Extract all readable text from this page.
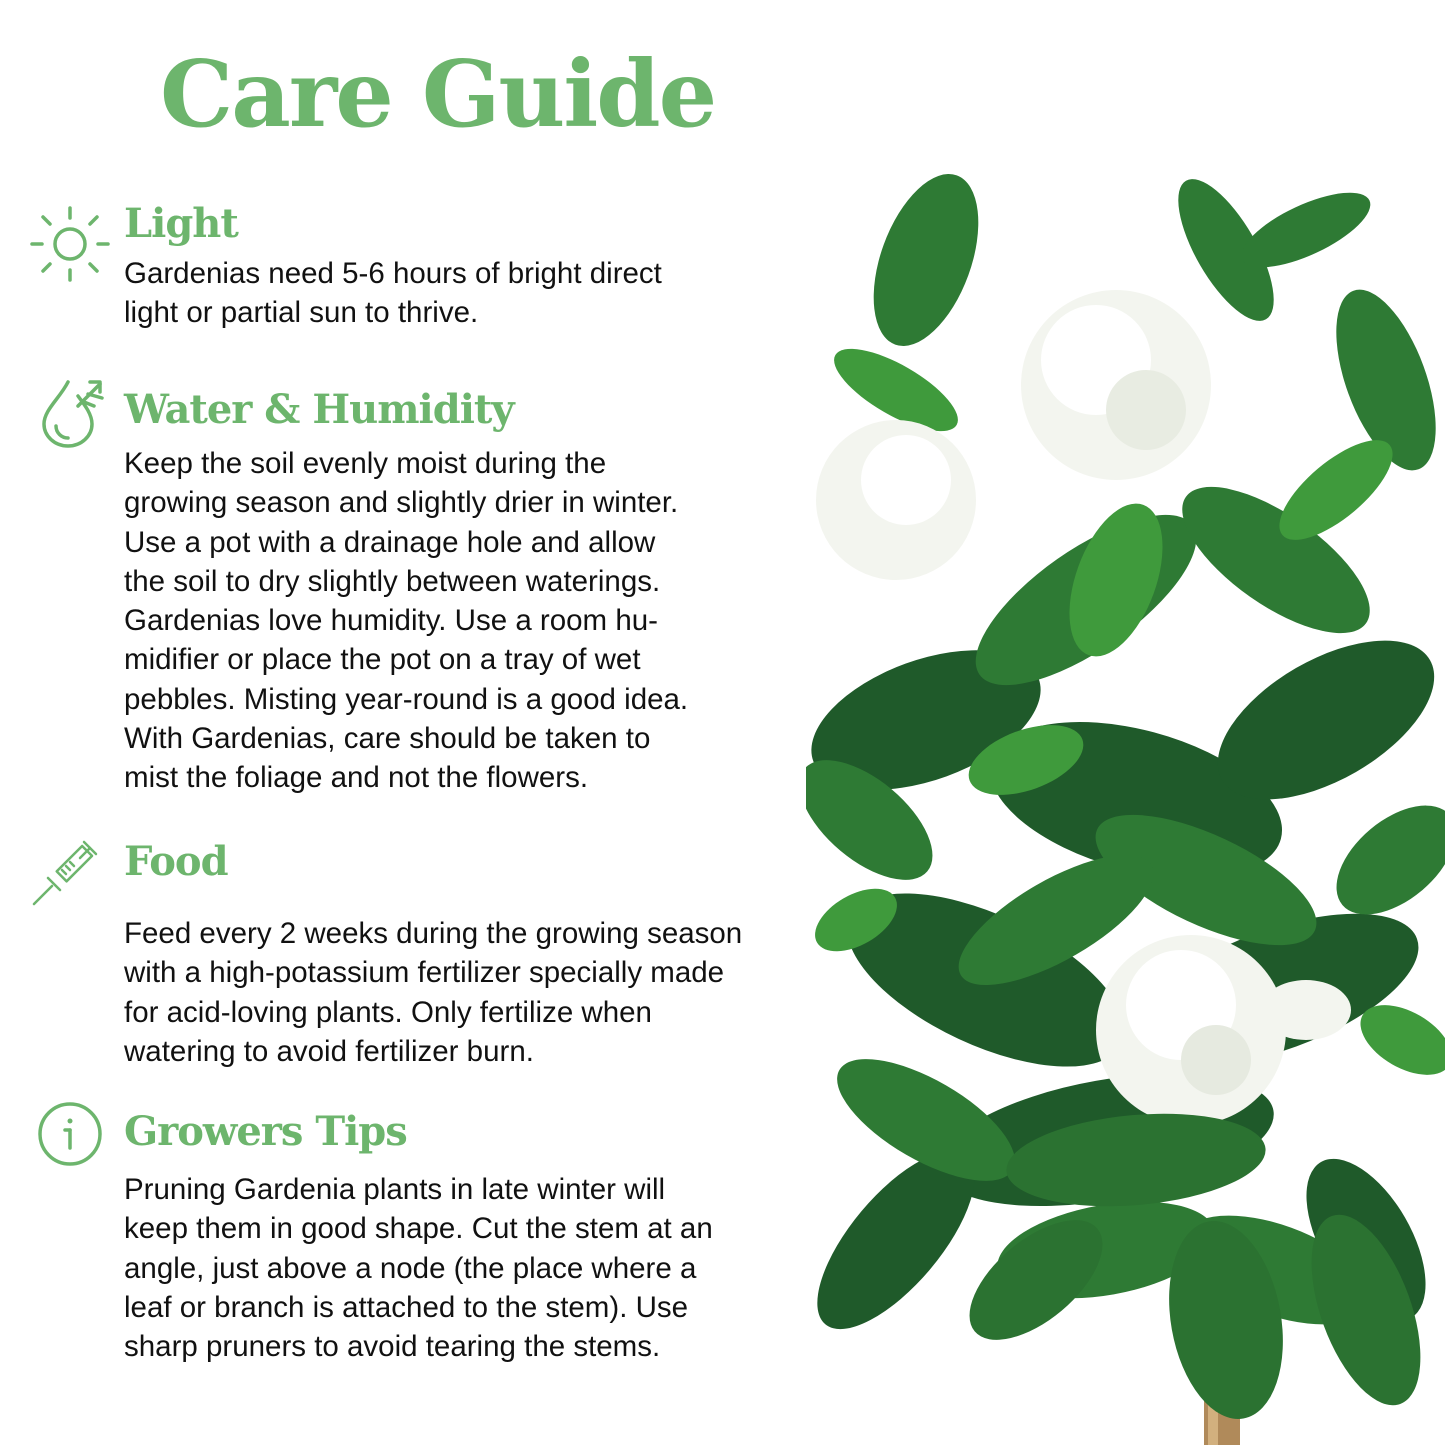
Care Guide
Light

Gardenias need 5-6 hours of bright direct
light or partial sun to thrive.

Water & Humidity

Keep the soil evenly moist during the
growing season and slightly drier in winter.
Use a pot with a drainage hole and allow
the soil to dry slightly between waterings.
Gardenias love humidity. Use a room hu-
midifier or place the pot on a tray of wet
pebbles. Misting year-round is a good idea.
With Gardenias, care should be taken to
mist the foliage and not the flowers.

Food

Feed every 2 weeks during the growing season
with a high-potassium fertilizer specially made
for acid-loving plants. Only fertilize when
watering to avoid fertilizer burn.

Growers Tips

Pruning Gardenia plants in late winter will
keep them in good shape. Cut the stem at an
angle, just above a node (the place where a
leaf or branch is attached to the stem). Use
sharp pruners to avoid tearing the stems.
